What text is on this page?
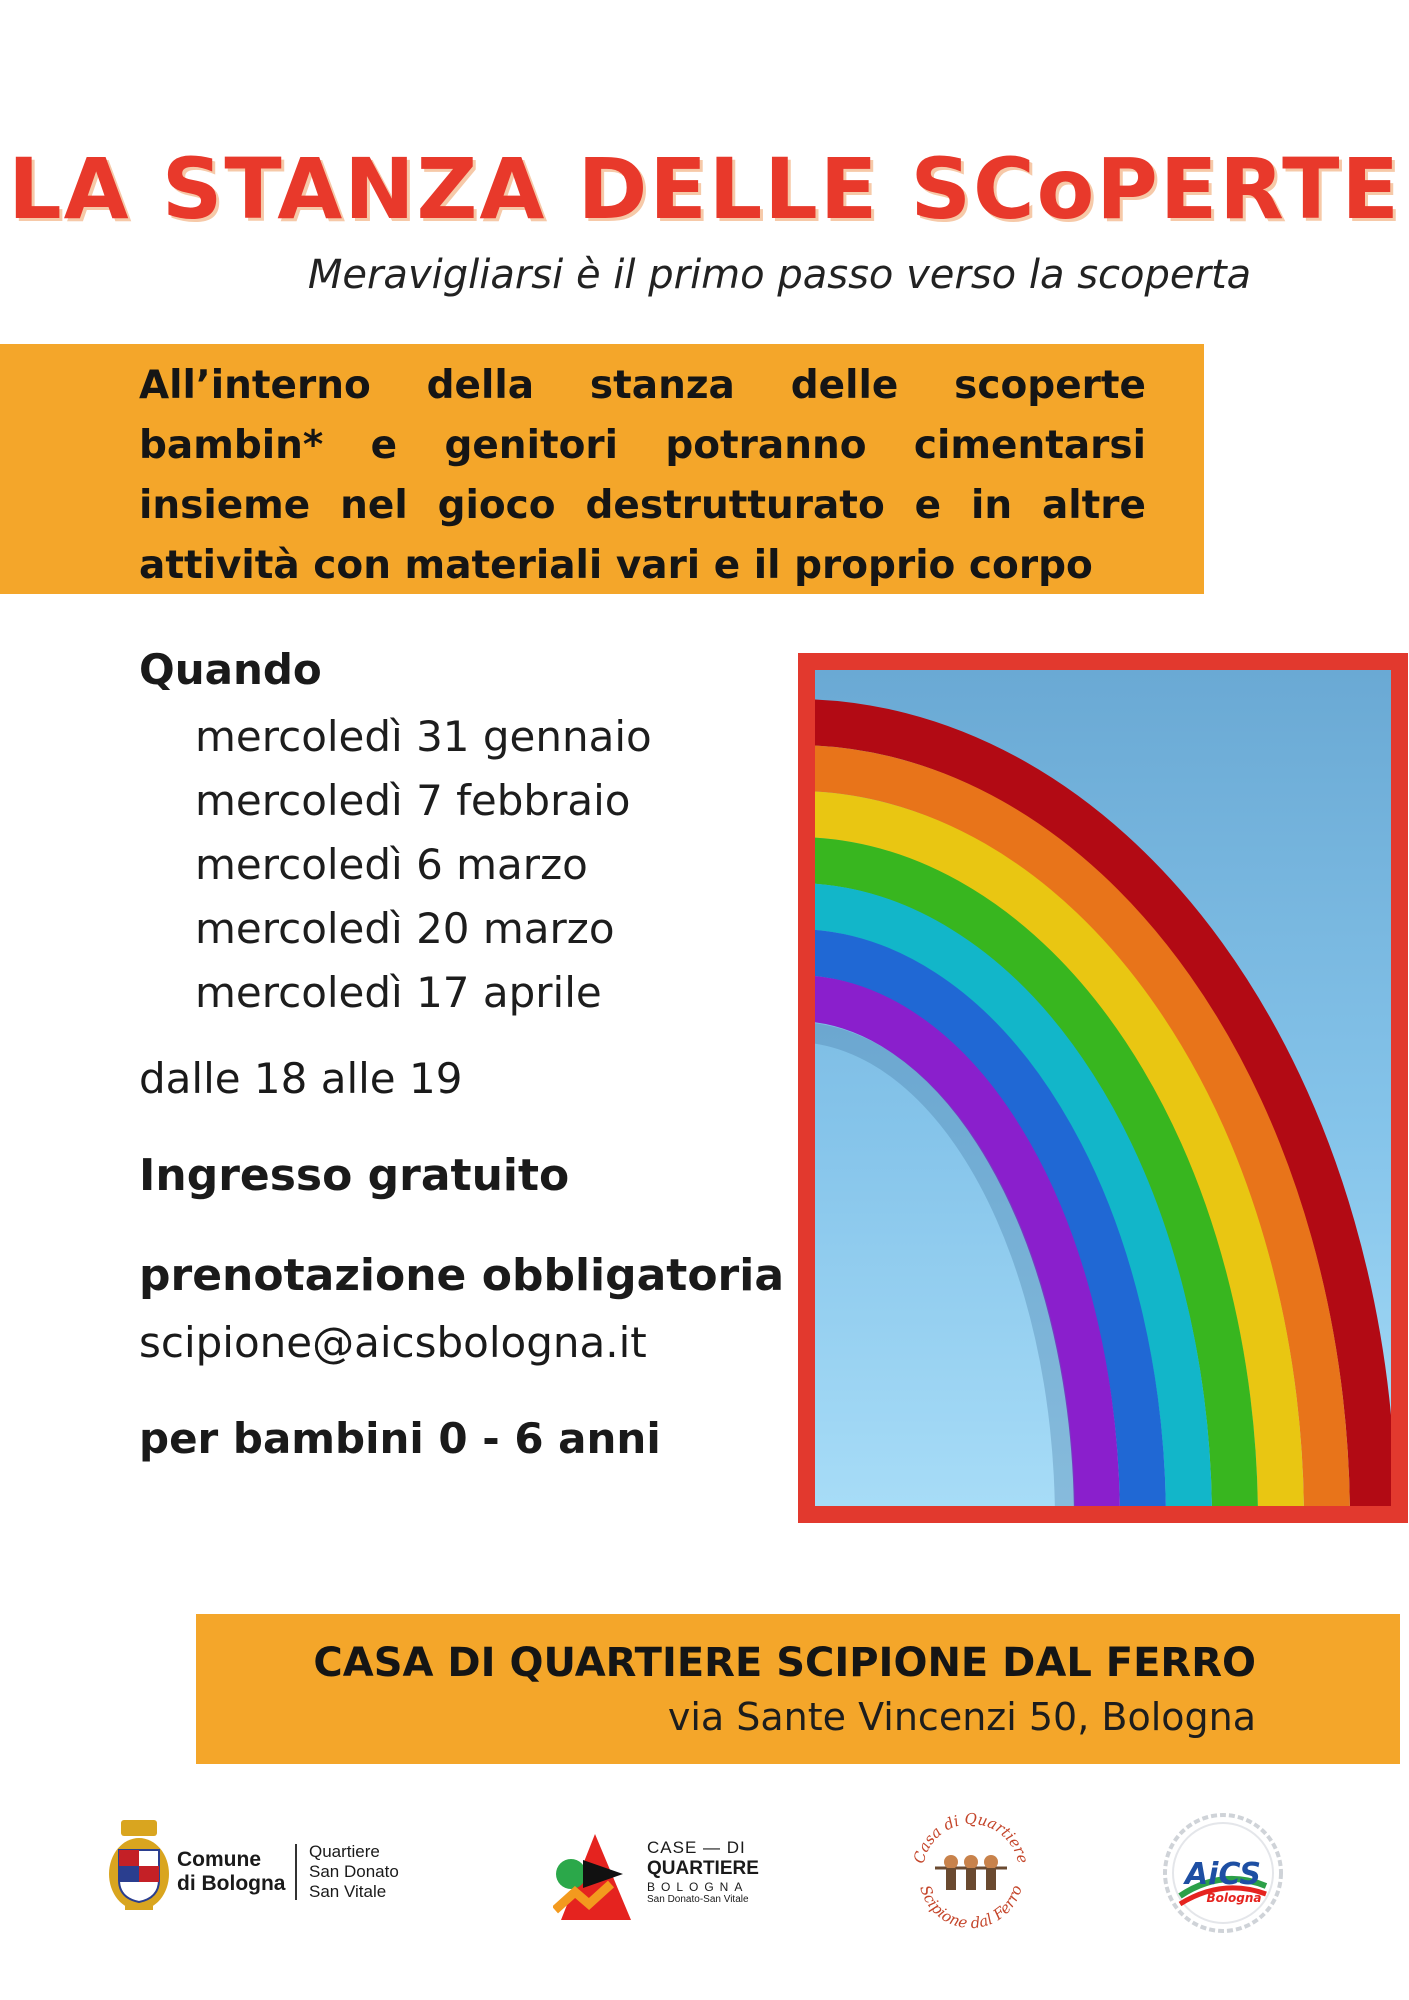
LA STANZA DELLE SCoPERTE
Meravigliarsi è il primo passo verso la scoperta
All’interno della stanza delle scoperte bambin* e genitori potranno cimentarsi insieme nel gioco destrutturato e in altre attività con materiali vari e il proprio corpo
Quando
mercoledì 31 gennaio
mercoledì 7 febbraio
mercoledì 6 marzo
mercoledì 20 marzo
mercoledì 17 aprile
dalle 18 alle 19
Ingresso gratuito
prenotazione obbligatoria
scipione@aicsbologna.it
per bambini 0 - 6 anni
CASA DI QUARTIERE SCIPIONE DAL FERRO
via Sante Vincenzi 50, Bologna
Comune
di Bologna
Quartiere
San Donato
San Vitale
CASE — DI
QUARTIERE
BOLOGNA
San Donato-San Vitale
Casa di Quartiere
Scipione dal Ferro	AiCS
Bologna
